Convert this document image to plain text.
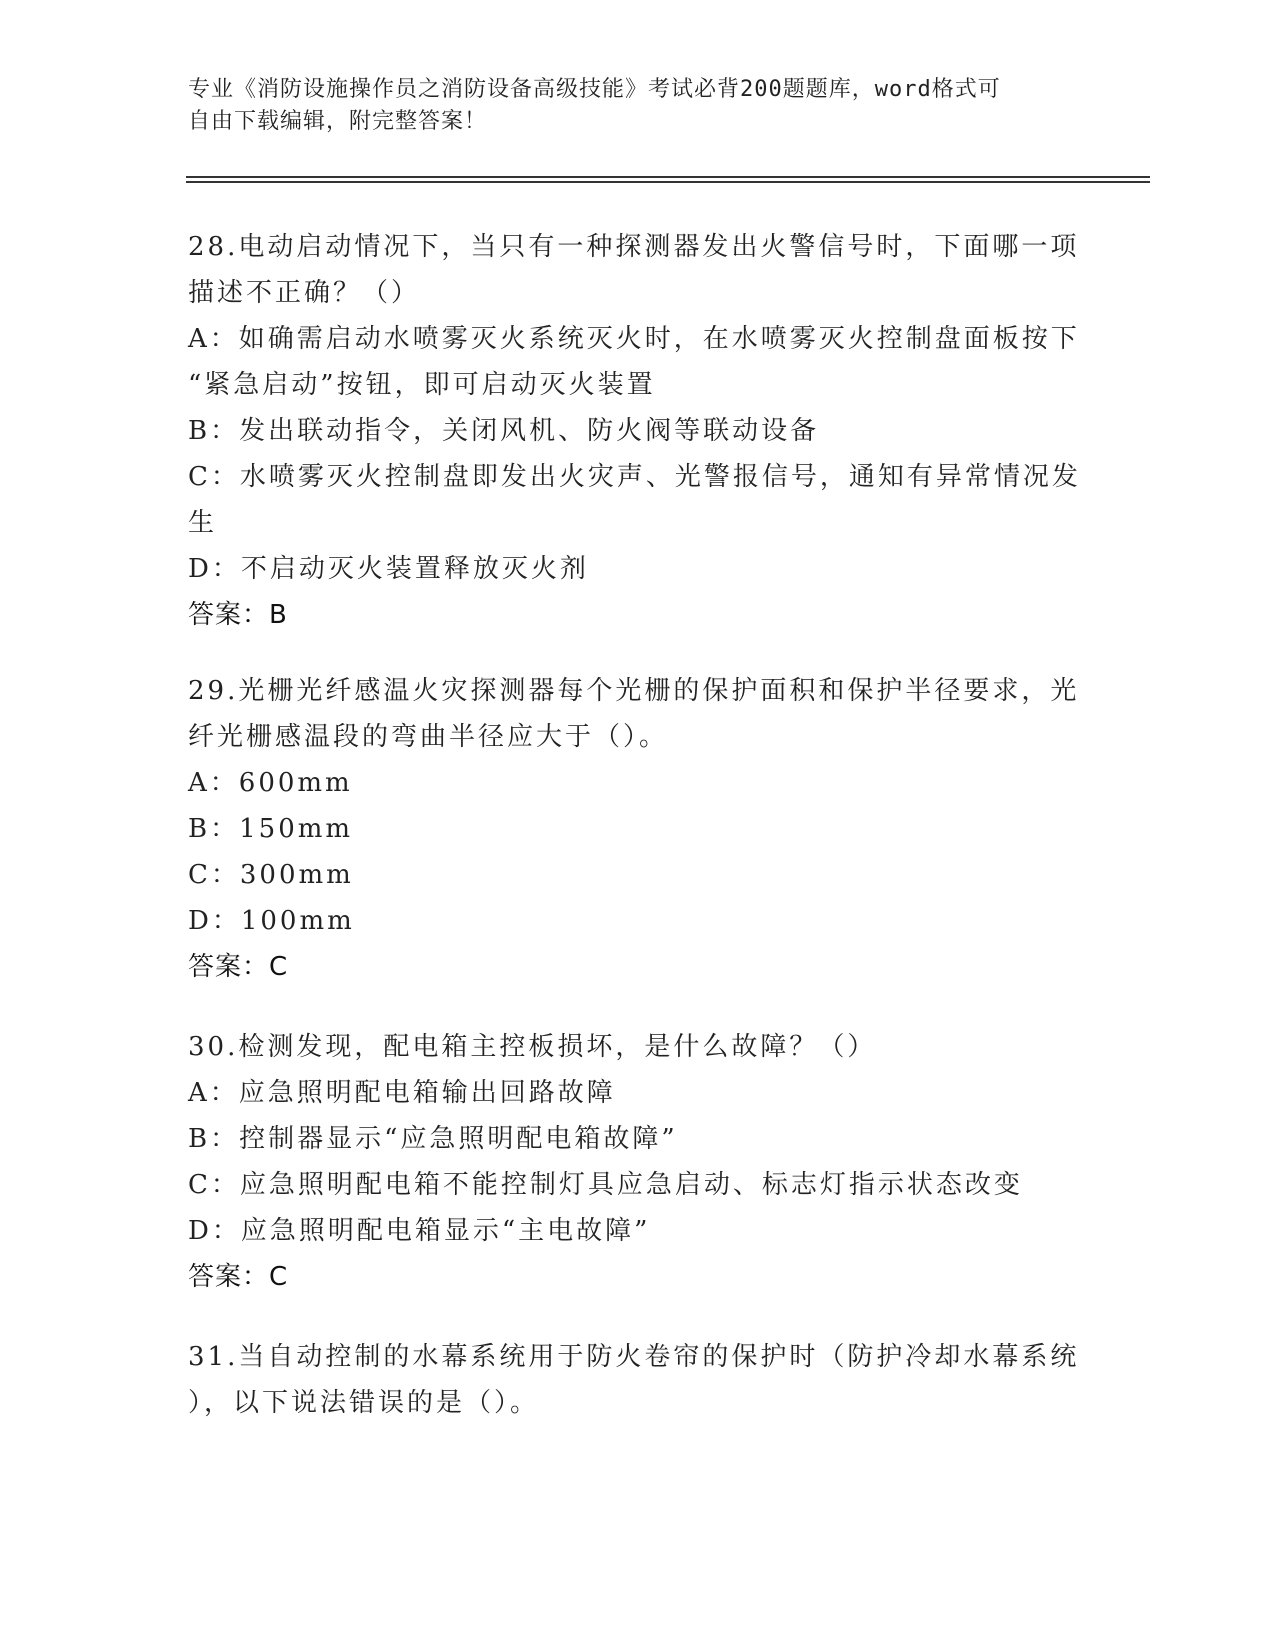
专业《消防设施操作员之消防设备高级技能》考试必背200题题库，word格式可
自由下载编辑，附完整答案！
28.电动启动情况下，当只有一种探测器发出火警信号时，下面哪一项
描述不正确？（）
A：如确需启动水喷雾灭火系统灭火时，在水喷雾灭火控制盘面板按下
“紧急启动”按钮，即可启动灭火装置
B：发出联动指令，关闭风机、防火阀等联动设备
C：水喷雾灭火控制盘即发出火灾声、光警报信号，通知有异常情况发
生
D：不启动灭火装置释放灭火剂
答案：B
29.光栅光纤感温火灾探测器每个光栅的保护面积和保护半径要求，光
纤光栅感温段的弯曲半径应大于（）。
A：600mm
B：150mm
C：300mm
D：100mm
答案：C
30.检测发现，配电箱主控板损坏，是什么故障？（）
A：应急照明配电箱输出回路故障
B：控制器显示“应急照明配电箱故障”
C：应急照明配电箱不能控制灯具应急启动、标志灯指示状态改变
D：应急照明配电箱显示“主电故障”
答案：C
31.当自动控制的水幕系统用于防火卷帘的保护时（防护冷却水幕系统
），以下说法错误的是（）。
